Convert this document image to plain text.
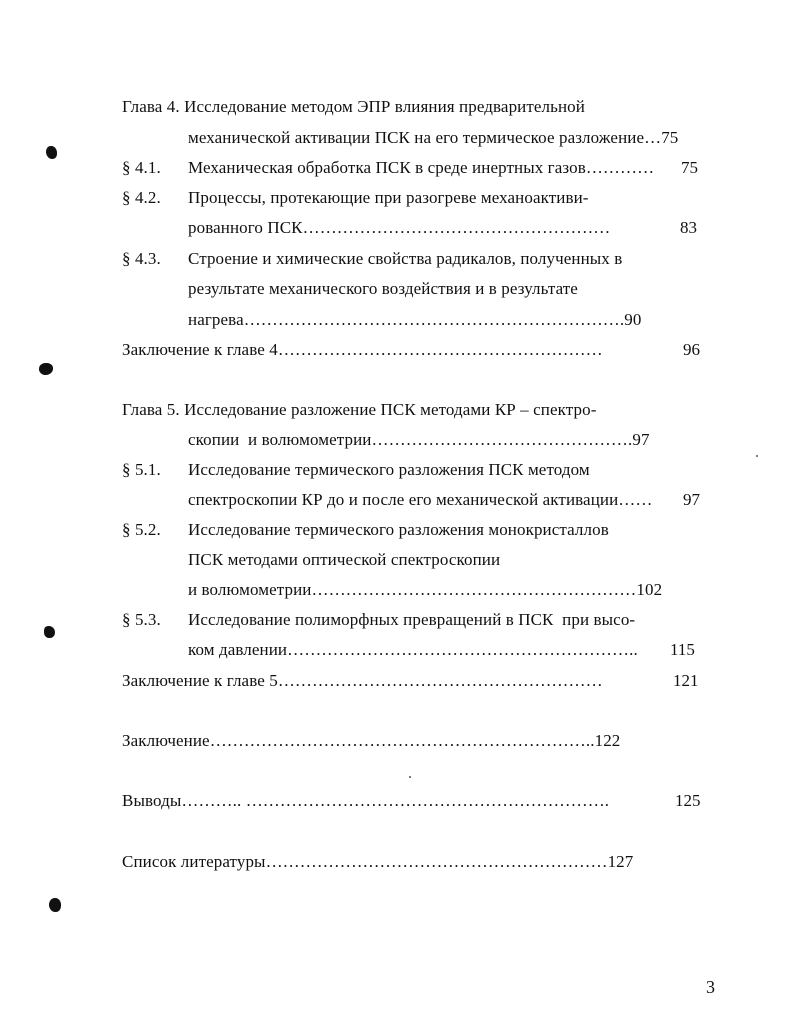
Глава 4. Исследование методом ЭПР влияния предварительной
механической активации ПСК на его термическое разложение…75
§ 4.1. Механическая обработка ПСК в среде инертных газов………… 75
§ 4.2. Процессы, протекающие при разогреве механоактиви-
рованного ПСК………………………………………………	83
§ 4.3. Строение и химические свойства радикалов, полученных в
результате механического воздействия и в результате
нагрева………………………………………………………….90
Заключение к главе 4…………………………………………………	96
Глава 5. Исследование разложение ПСК методами КР – спектро-
скопии  и волюмометрии……………………………………….97
§ 5.1. Исследование термического разложения ПСК методом
спектроскопии КР до и после его механической активации…… 97
§ 5.2. Исследование термического разложения монокристаллов
ПСК методами оптической спектроскопии
и волюмометрии…………………………………………………102
§ 5.3. Исследование полиморфных превращений в ПСК  при высо-
ком давлении…………………………………………………….. 115
Заключение к главе 5…………………………………………………	121
Заключение…………………………………………………………..122
Выводы……….. ……………………………………………………….	125
Список литературы……………………………………………………127
3
